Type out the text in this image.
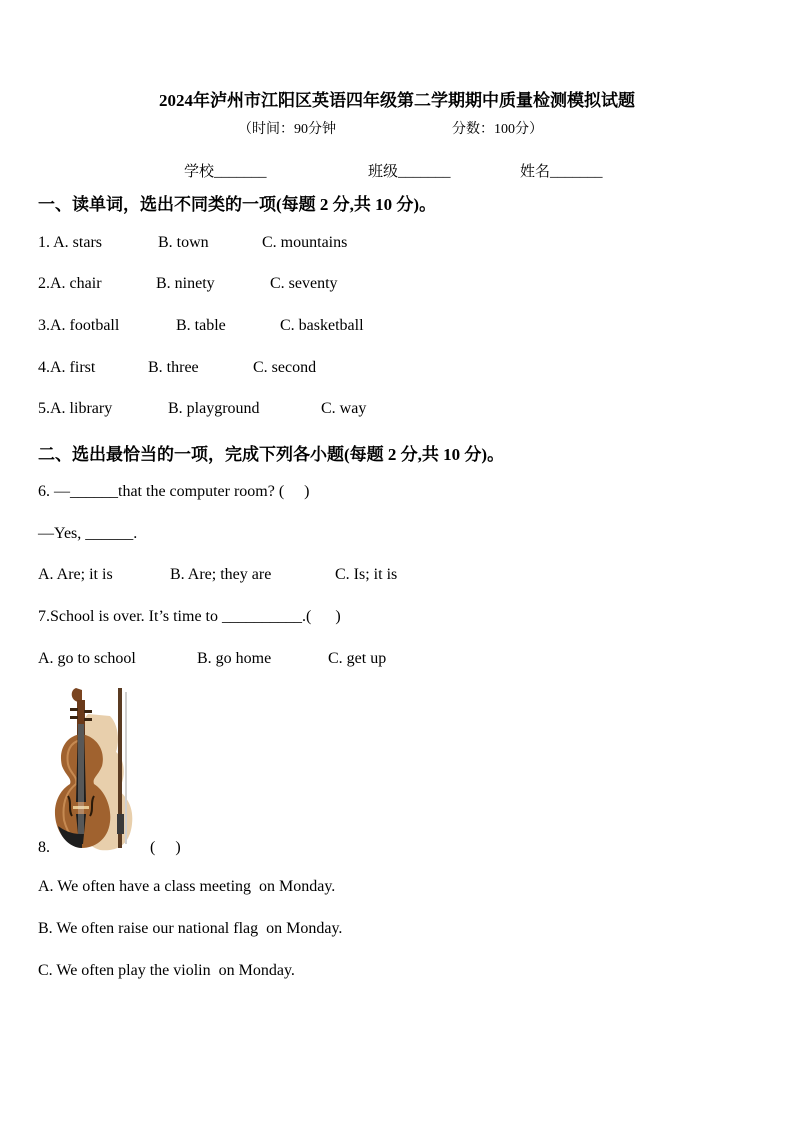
2024年泸州市江阳区英语四年级第二学期期中质量检测模拟试题
（时间：90分钟	分数：100分）
学校_______	班级_______	姓名_______
一、读单词，选出不同类的一项(每题 2 分,共 10 分)。
1. A. stars	B. town	C. mountains
2.A. chair	B. ninety	C. seventy
3.A. football	B. table	C. basketball
4.A. first	B. three	C. second
5.A. library	B. playground	C. way
二、选出最恰当的一项，完成下列各小题(每题 2 分,共 10 分)。
6. —______that the computer room? (     )
—Yes, ______.
A. Are; it is	B. Are; they are	C. Is; it is
7.School is over. It’s time to __________.(      )
A. go to school	B. go home	C. get up
8.	(     )
A. We often have a class meeting  on Monday.
B. We often raise our national flag  on Monday.
C. We often play the violin  on Monday.
